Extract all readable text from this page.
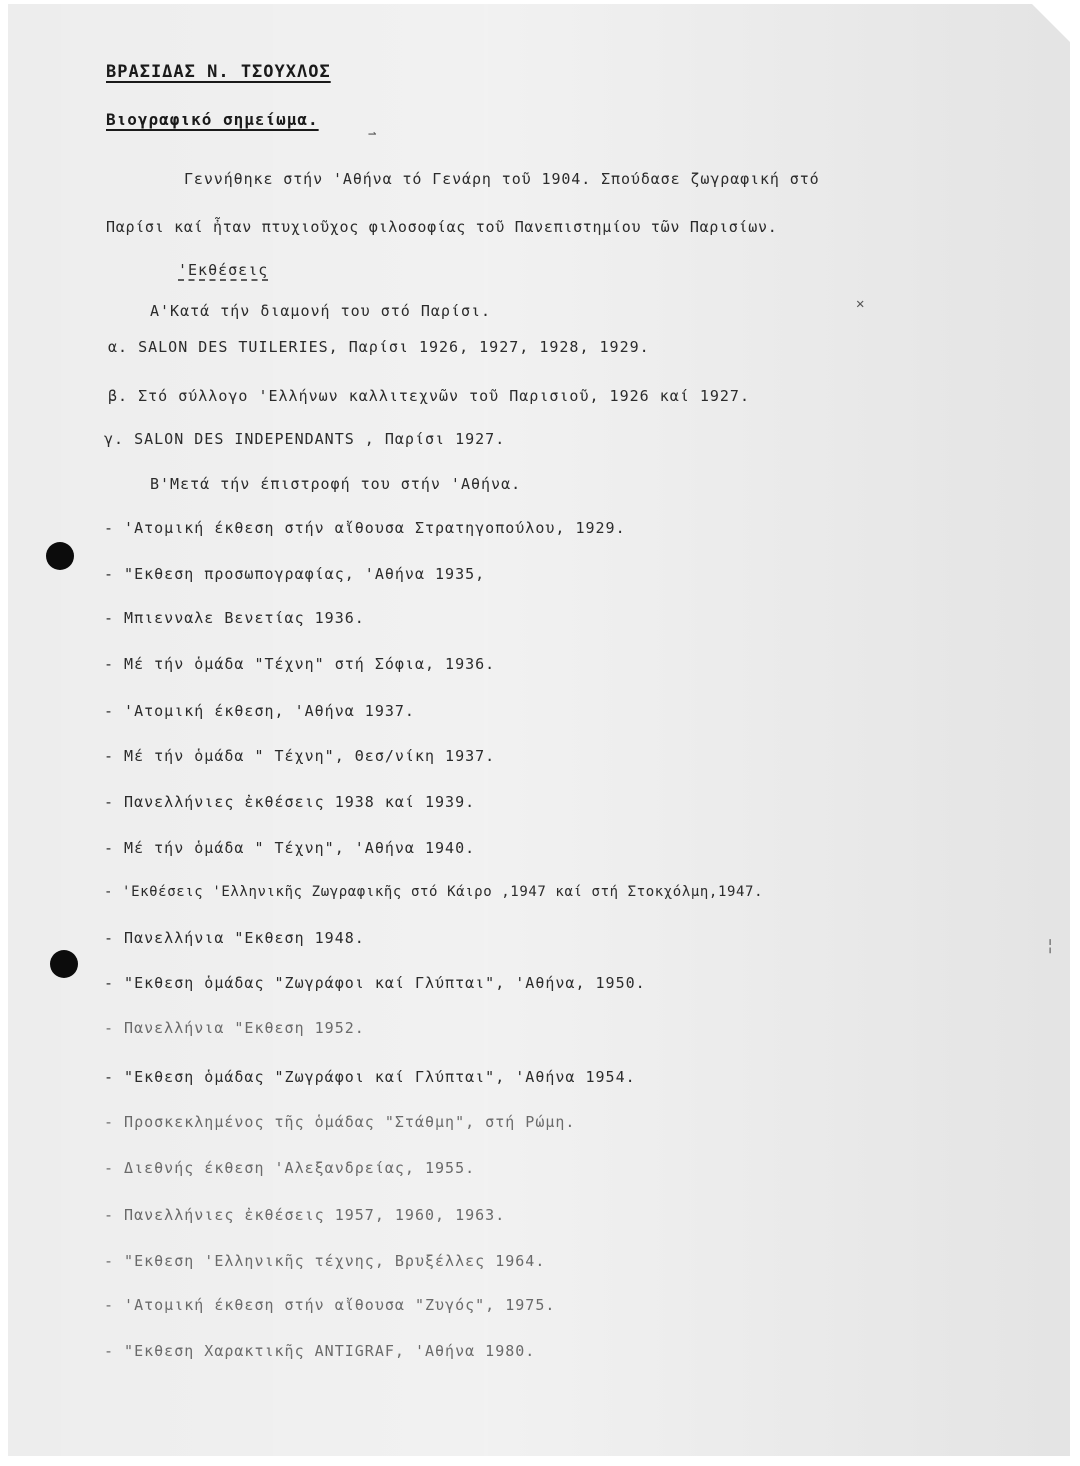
ΒΡΑΣΙΔΑΣ Ν. ΤΣΟΥΧΛΟΣ
Βιογραφικό σημείωμα.
⇀
Γεννήθηκε στήν 'Αθήνα τό Γενάρη τοῦ 1904. Σπούδασε ζωγραφική στό
Παρίσι καί ἦταν πτυχιοῦχος φιλοσοφίας τοῦ Πανεπιστημίου τῶν Παρισίων.
'Εκθέσεις
Α'Κατά τήν διαμονή του στό Παρίσι.
α. SALON DES TUILERIES, Παρίσι 1926, 1927, 1928, 1929.
β. Στό σύλλογο 'Ελλήνων καλλιτεχνῶν τοῦ Παρισιοῦ, 1926 καί 1927.
γ. SALON DES INDEPENDANTS , Παρίσι 1927.
Β'Μετά τήν έπιστροφή του στήν 'Αθήνα.
- 'Ατομική έκθεση στήν αἴθουσα Στρατηγοπούλου, 1929.
- "Εκθεση προσωπογραφίας, 'Αθήνα 1935,
- Μπιενναλε Βενετίας 1936.
- Μέ τήν ὁμάδα "Τέχνη" στή Σόφια, 1936.
- 'Ατομική έκθεση, 'Αθήνα 1937.
- Μέ τήν ὁμάδα " Τέχνη", Θεσ/νίκη 1937.
- Πανελλήνιες ἐκθέσεις 1938 καί 1939.
- Μέ τήν ὁμάδα " Τέχνη", 'Αθήνα 1940.
- 'Εκθέσεις 'Ελληνικῆς Ζωγραφικῆς στό Κάιρο ,1947 καί στή Στοκχόλμη,1947.
- Πανελλήνια "Εκθεση 1948.
- "Εκθεση ὁμάδας "Ζωγράφοι καί Γλύπται", 'Αθήνα, 1950.
- Πανελλήνια "Εκθεση 1952.
- "Εκθεση ὁμάδας "Ζωγράφοι καί Γλύπται", 'Αθήνα 1954.
- Προσκεκλημένος τῆς ὁμάδας "Στάθμη", στή Ρώμη.
- Διεθνής έκθεση 'Αλεξανδρείας, 1955.
- Πανελλήνιες ἐκθέσεις 1957, 1960, 1963.
- "Εκθεση 'Ελληνικῆς τέχνης, Βρυξέλλες 1964.
- 'Ατομική έκθεση στήν αἴθουσα "Ζυγός", 1975.
- "Εκθεση Χαρακτικῆς ANTIGRAF, 'Αθήνα 1980.
✕
╎
